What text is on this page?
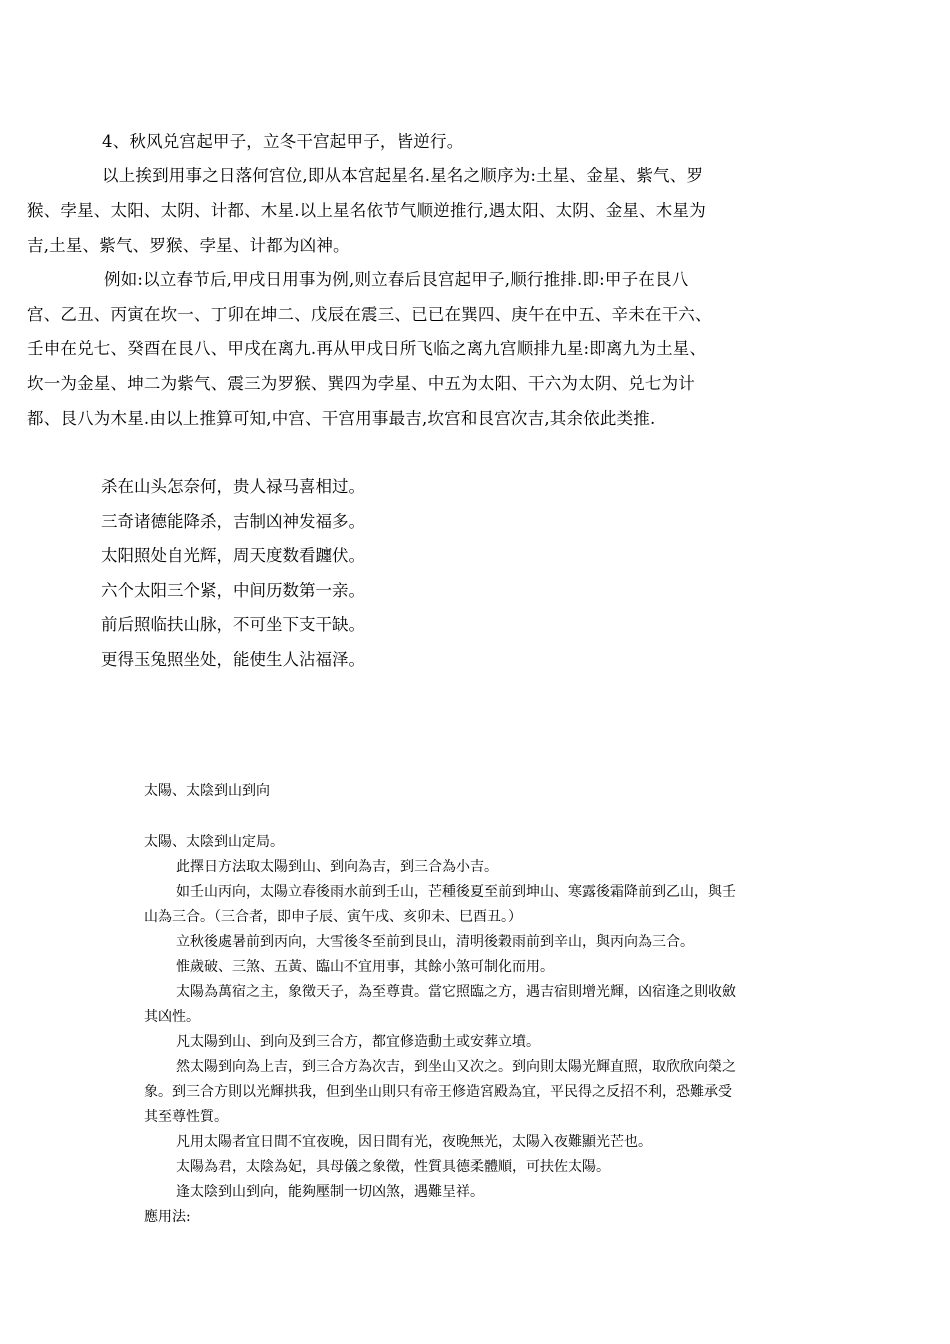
4、秋风兑宫起甲子，立冬干宫起甲子，皆逆行。
以上挨到用事之日落何宫位,即从本宫起星名.星名之顺序为:土星、金星、紫气、罗
猴、孛星、太阳、太阴、计都、木星.以上星名依节气顺逆推行,遇太阳、太阴、金星、木星为
吉,土星、紫气、罗猴、孛星、计都为凶神。
例如:以立春节后,甲戌日用事为例,则立春后艮宫起甲子,顺行推排.即:甲子在艮八
宫、乙丑、丙寅在坎一、丁卯在坤二、戊辰在震三、已已在巽四、庚午在中五、辛未在干六、
壬申在兑七、癸酉在艮八、甲戌在离九.再从甲戌日所飞临之离九宫顺排九星:即离九为土星、
坎一为金星、坤二为紫气、震三为罗猴、巽四为孛星、中五为太阳、干六为太阴、兑七为计
都、艮八为木星.由以上推算可知,中宫、干宫用事最吉,坎宫和艮宫次吉,其余依此类推.
杀在山头怎奈何，贵人禄马喜相过。
三奇诸德能降杀，吉制凶神发福多。
太阳照处自光辉，周天度数看躔伏。
六个太阳三个紧，中间历数第一亲。
前后照临扶山脉，不可坐下支干缺。
更得玉兔照坐处，能使生人沾福泽。
太陽、太陰到山到向
太陽、太陰到山定局。
此擇日方法取太陽到山、到向為吉，到三合為小吉。
如壬山丙向，太陽立春後雨水前到壬山，芒種後夏至前到坤山、寒露後霜降前到乙山，與壬
山為三合。（三合者，即申子辰、寅午戌、亥卯未、巳酉丑。）
立秋後處暑前到丙向，大雪後冬至前到艮山，清明後穀雨前到辛山，與丙向為三合。
惟歲破、三煞、五黃、臨山不宜用事，其餘小煞可制化而用。
太陽為萬宿之主，象徵天子，為至尊貴。當它照臨之方，遇吉宿則增光輝，凶宿逢之則收斂
其凶性。
凡太陽到山、到向及到三合方，都宜修造動土或安葬立墳。
然太陽到向為上吉，到三合方為次吉，到坐山又次之。到向則太陽光輝直照，取欣欣向榮之
象。到三合方則以光輝拱我，但到坐山則只有帝王修造宮殿為宜，平民得之反招不利，恐難承受
其至尊性質。
凡用太陽者宜日間不宜夜晚，因日間有光，夜晚無光，太陽入夜難顯光芒也。
太陽為君，太陰為妃，具母儀之象徵，性質具德柔體順，可扶佐太陽。
逢太陰到山到向，能夠壓制一切凶煞，遇難呈祥。
應用法:
